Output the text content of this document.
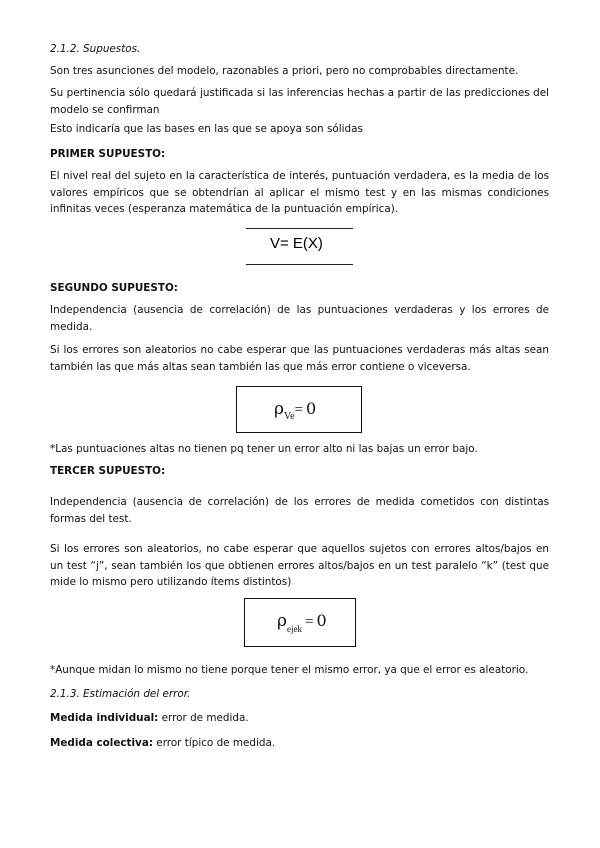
2.1.2. Supuestos.

Son tres asunciones del modelo, razonables a priori, pero no comprobables directamente.

Su pertinencia sólo quedará justificada si las inferencias hechas a partir de las predicciones del modelo se confirman

Esto indicaría que las bases en las que se apoya son sólidas

PRIMER SUPUESTO:

El nivel real del sujeto en la característica de interés, puntuación verdadera, es la media de los valores empíricos que se obtendrían al aplicar el mismo test y en las mismas condiciones infinitas veces (esperanza matemática de la puntuación empírica).

V= E(X)

SEGUNDO SUPUESTO:

Independencia (ausencia de correlación) de las puntuaciones verdaderas y los errores de medida.

Si los errores son aleatorios no cabe esperar que las puntuaciones verdaderas más altas sean también las que más altas sean también las que más error contiene o viceversa.

$\rho_{Ve}= 0$

*Las puntuaciones altas no tienen pq tener un error alto ni las bajas un error bajo.

TERCER SUPUESTO:

Independencia (ausencia de correlación) de los errores de medida cometidos con distintas formas del test.

Si los errores son aleatorios, no cabe esperar que aquellos sujetos con errores altos/bajos en un test “j”, sean también los que obtienen errores altos/bajos en un test paralelo “k” (test que mide lo mismo pero utilizando ítems distintos)

$\rho_{ejek} = 0$

*Aunque midan lo mismo no tiene porque tener el mismo error, ya que el error es aleatorio.

2.1.3. Estimación del error.

Medida individual: error de medida.

Medida colectiva: error típico de medida.
